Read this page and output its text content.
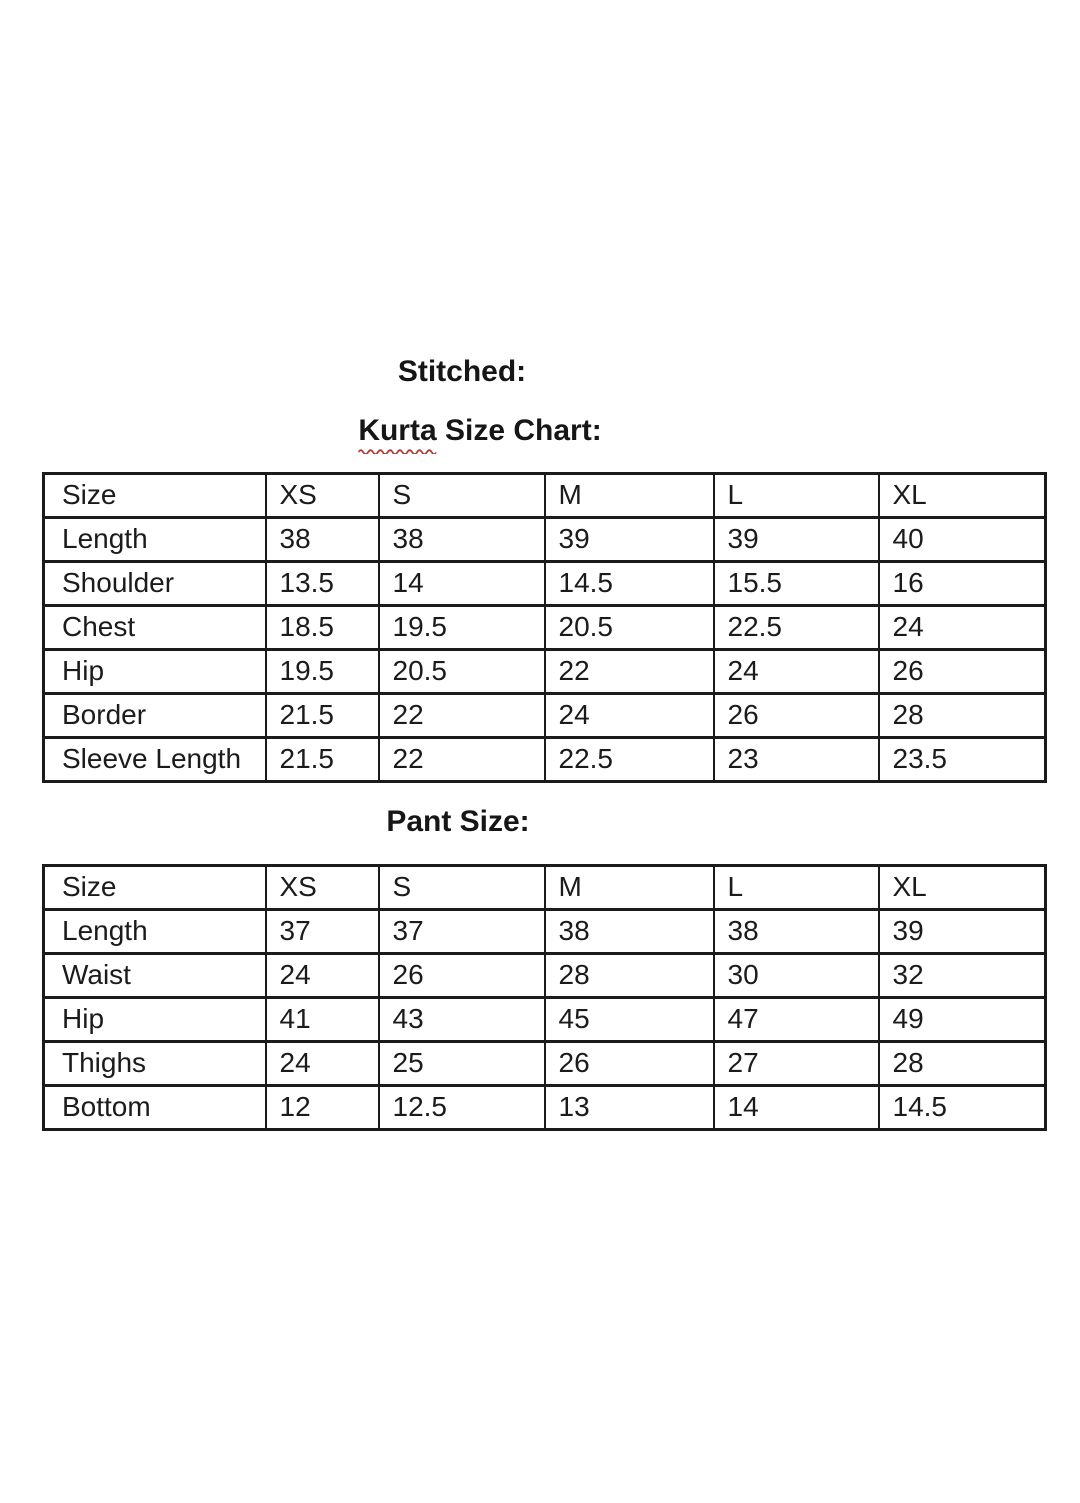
Stitched:
Kurta
Size Chart:
Size	XS	S	M	L	XL
Length	38	38	39	39	40
Shoulder	13.5	14	14.5	15.5	16
Chest	18.5	19.5	20.5	22.5	24
Hip	19.5	20.5	22	24	26
Border	21.5	22	24	26	28
Sleeve Length	21.5	22	22.5	23	23.5
Pant Size:
Size	XS	S	M	L	XL
Length	37	37	38	38	39
Waist	24	26	28	30	32
Hip	41	43	45	47	49
Thighs	24	25	26	27	28
Bottom	12	12.5	13	14	14.5
